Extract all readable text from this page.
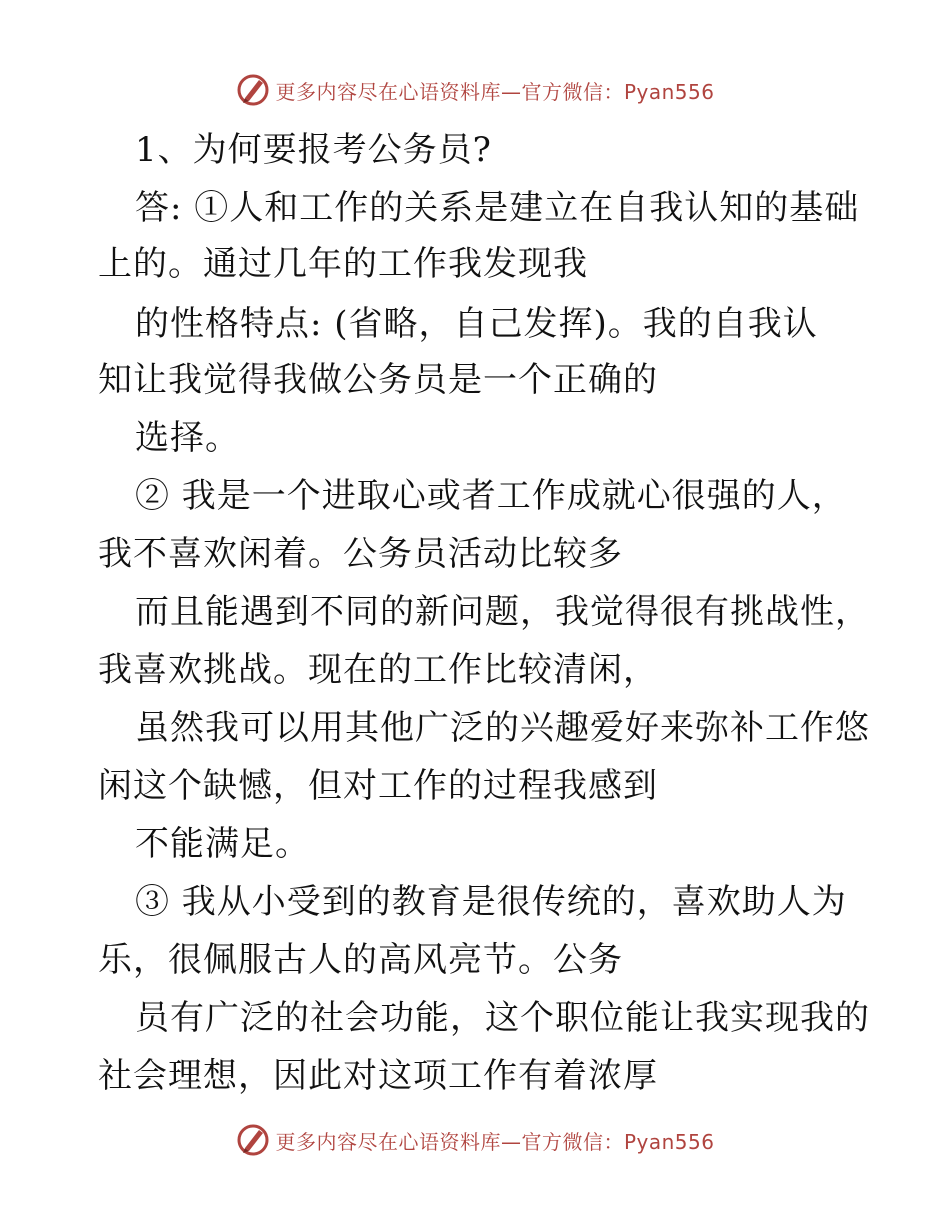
更多内容尽在心语资料库—官方微信：Pyan556
1、为何要报考公务员?
答: ①人和工作的关系是建立在自我认知的基础
上的。通过几年的工作我发现我
的性格特点: (省略，自己发挥)。我的自我认
知让我觉得我做公务员是一个正确的
选择。
② 我是一个进取心或者工作成就心很强的人，
我不喜欢闲着。公务员活动比较多
而且能遇到不同的新问题，我觉得很有挑战性，
我喜欢挑战。现在的工作比较清闲，
虽然我可以用其他广泛的兴趣爱好来弥补工作悠
闲这个缺憾，但对工作的过程我感到
不能满足。
③ 我从小受到的教育是很传统的，喜欢助人为
乐，很佩服古人的高风亮节。公务
员有广泛的社会功能，这个职位能让我实现我的
社会理想，因此对这项工作有着浓厚
更多内容尽在心语资料库—官方微信：Pyan556
